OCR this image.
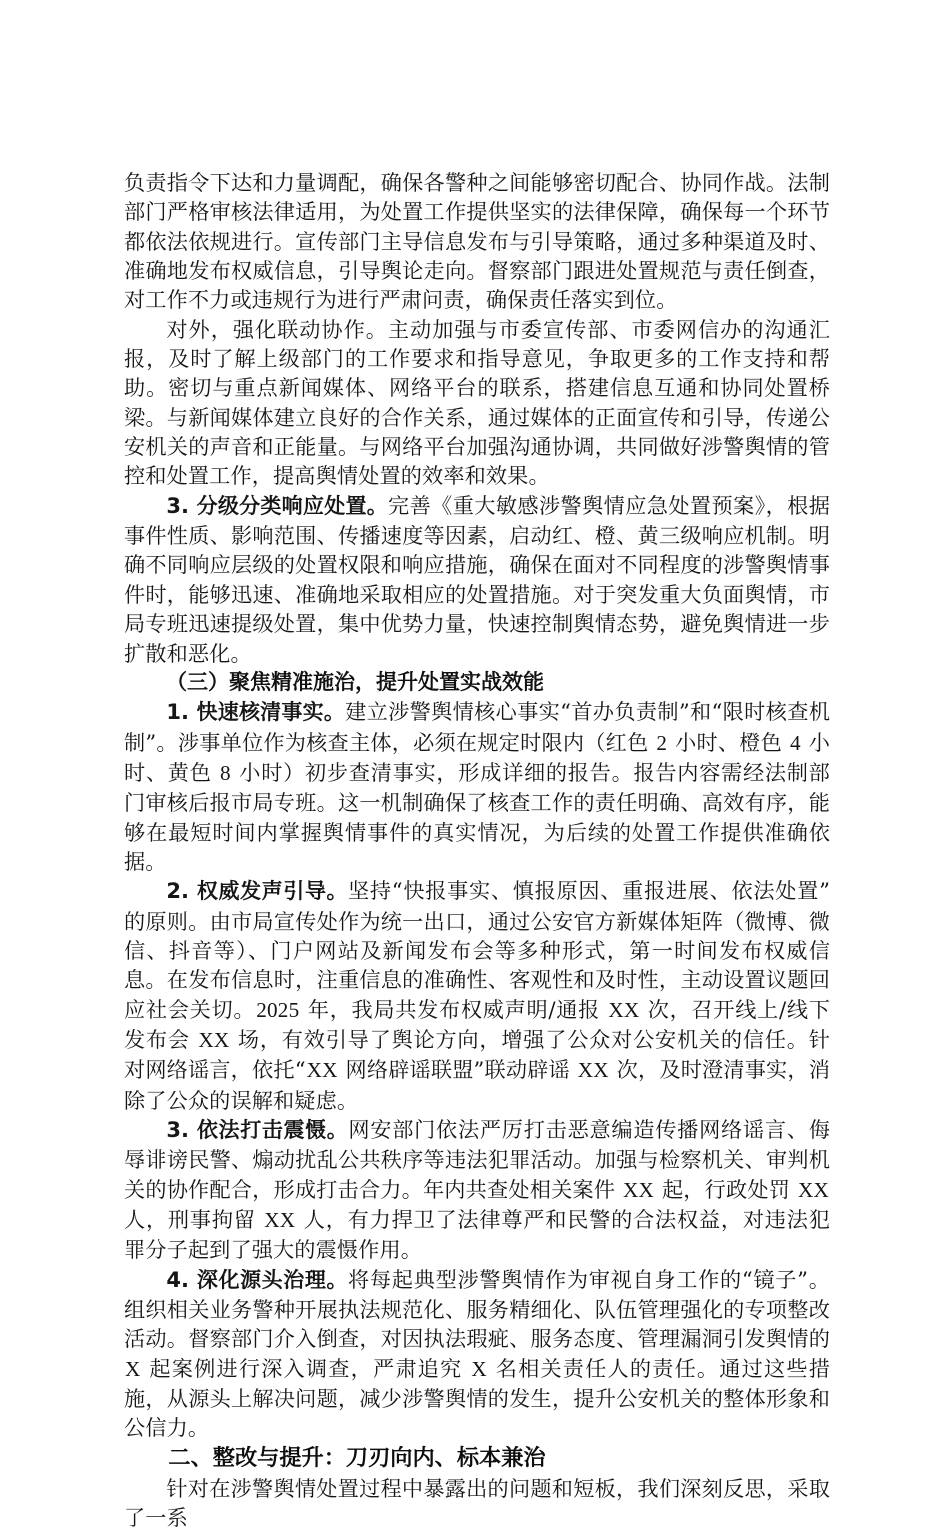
负责指令下达和力量调配，确保各警种之间能够密切配合、协同作战。法制部门严格审核法律适用，为处置工作提供坚实的法律保障，确保每一个环节都依法依规进行。宣传部门主导信息发布与引导策略，通过多种渠道及时、准确地发布权威信息，引导舆论走向。督察部门跟进处置规范与责任倒查，对工作不力或违规行为进行严肃问责，确保责任落实到位。

对外，强化联动协作。主动加强与市委宣传部、市委网信办的沟通汇报，及时了解上级部门的工作要求和指导意见，争取更多的工作支持和帮助。密切与重点新闻媒体、网络平台的联系，搭建信息互通和协同处置桥梁。与新闻媒体建立良好的合作关系，通过媒体的正面宣传和引导，传递公安机关的声音和正能量。与网络平台加强沟通协调，共同做好涉警舆情的管控和处置工作，提高舆情处置的效率和效果。

3. 分级分类响应处置。完善《重大敏感涉警舆情应急处置预案》，根据事件性质、影响范围、传播速度等因素，启动红、橙、黄三级响应机制。明确不同响应层级的处置权限和响应措施，确保在面对不同程度的涉警舆情事件时，能够迅速、准确地采取相应的处置措施。对于突发重大负面舆情，市局专班迅速提级处置，集中优势力量，快速控制舆情态势，避免舆情进一步扩散和恶化。

（三）聚焦精准施治，提升处置实战效能

1. 快速核清事实。建立涉警舆情核心事实“首办负责制”和“限时核查机制”。涉事单位作为核查主体，必须在规定时限内（红色 2 小时、橙色 4 小时、黄色 8 小时）初步查清事实，形成详细的报告。报告内容需经法制部门审核后报市局专班。这一机制确保了核查工作的责任明确、高效有序，能够在最短时间内掌握舆情事件的真实情况，为后续的处置工作提供准确依据。

2. 权威发声引导。坚持“快报事实、慎报原因、重报进展、依法处置”的原则。由市局宣传处作为统一出口，通过公安官方新媒体矩阵（微博、微信、抖音等）、门户网站及新闻发布会等多种形式，第一时间发布权威信息。在发布信息时，注重信息的准确性、客观性和及时性，主动设置议题回应社会关切。2025 年，我局共发布权威声明/通报 XX 次，召开线上/线下发布会 XX 场，有效引导了舆论方向，增强了公众对公安机关的信任。针对网络谣言，依托“XX 网络辟谣联盟”联动辟谣 XX 次，及时澄清事实，消除了公众的误解和疑虑。

3. 依法打击震慑。网安部门依法严厉打击恶意编造传播网络谣言、侮辱诽谤民警、煽动扰乱公共秩序等违法犯罪活动。加强与检察机关、审判机关的协作配合，形成打击合力。年内共查处相关案件 XX 起，行政处罚 XX 人，刑事拘留 XX 人，有力捍卫了法律尊严和民警的合法权益，对违法犯罪分子起到了强大的震慑作用。

4. 深化源头治理。将每起典型涉警舆情作为审视自身工作的“镜子”。组织相关业务警种开展执法规范化、服务精细化、队伍管理强化的专项整改活动。督察部门介入倒查，对因执法瑕疵、服务态度、管理漏洞引发舆情的 X 起案例进行深入调查，严肃追究 X 名相关责任人的责任。通过这些措施，从源头上解决问题，减少涉警舆情的发生，提升公安机关的整体形象和公信力。

二、整改与提升：刀刃向内、标本兼治

针对在涉警舆情处置过程中暴露出的问题和短板，我们深刻反思，采取了一系
